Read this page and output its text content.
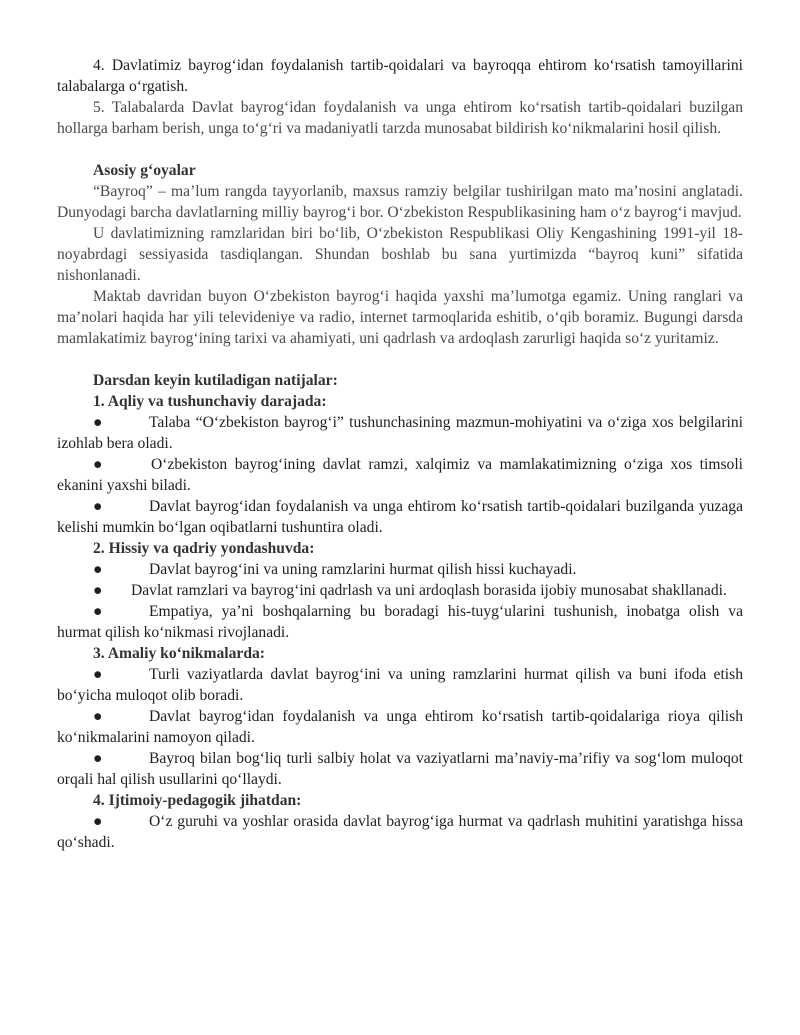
4. Davlatimiz bayrog‘idan foydalanish tartib-qoidalari va bayroqqa ehtirom ko‘rsatish tamoyillarini talabalarga o‘rgatish.

5. Talabalarda Davlat bayrog‘idan foydalanish va unga ehtirom ko‘rsatish tartib-qoidalari buzilgan hollarga barham berish, unga to‘g‘ri va madaniyatli tarzda munosabat bildirish ko‘nikmalarini hosil qilish.

Asosiy g‘oyalar

“Bayroq” – ma’lum rangda tayyorlanib, maxsus ramziy belgilar tushirilgan mato ma’nosini anglatadi. Dunyodagi barcha davlatlarning milliy bayrog‘i bor. O‘zbekiston Respublikasining ham o‘z bayrog‘i mavjud.

U davlatimizning ramzlaridan biri bo‘lib, O‘zbekiston Respublikasi Oliy Kengashining 1991-yil 18-noyabrdagi sessiyasida tasdiqlangan. Shundan boshlab bu sana yurtimizda “bayroq kuni” sifatida nishonlanadi.

Maktab davridan buyon O‘zbekiston bayrog‘i haqida yaxshi ma’lumotga egamiz. Uning ranglari va ma’nolari haqida har yili televideniye va radio, internet tarmoqlarida eshitib, o‘qib boramiz. Bugungi darsda mamlakatimiz bayrog‘ining tarixi va ahamiyati, uni qadrlash va ardoqlash zarurligi haqida so‘z yuritamiz.

Darsdan keyin kutiladigan natijalar:

1. Aqliy va tushunchaviy darajada:

●	Talaba “O‘zbekiston bayrog‘i” tushunchasining mazmun-mohiyatini va o‘ziga xos belgilarini izohlab bera oladi.

●	O‘zbekiston bayrog‘ining davlat ramzi, xalqimiz va mamlakatimizning o‘ziga xos timsoli ekanini yaxshi biladi.

●	Davlat bayrog‘idan foydalanish va unga ehtirom ko‘rsatish tartib-qoidalari buzilganda yuzaga kelishi mumkin bo‘lgan oqibatlarni tushuntira oladi.

2. Hissiy va qadriy yondashuvda:

●	Davlat bayrog‘ini va uning ramzlarini hurmat qilish hissi kuchayadi.

● Davlat ramzlari va bayrog‘ini qadrlash va uni ardoqlash borasida ijobiy munosabat shakllanadi.

●	Empatiya, ya’ni boshqalarning bu boradagi his-tuyg‘ularini tushunish, inobatga olish va hurmat qilish ko‘nikmasi rivojlanadi.

3. Amaliy ko‘nikmalarda:

●	Turli vaziyatlarda davlat bayrog‘ini va uning ramzlarini hurmat qilish va buni ifoda etish bo‘yicha muloqot olib boradi.

●	Davlat bayrog‘idan foydalanish va unga ehtirom ko‘rsatish tartib-qoidalariga rioya qilish ko‘nikmalarini namoyon qiladi.

●	Bayroq bilan bog‘liq turli salbiy holat va vaziyatlarni ma’naviy-ma’rifiy va sog‘lom muloqot orqali hal qilish usullarini qo‘llaydi.

4. Ijtimoiy-pedagogik jihatdan:

●	O‘z guruhi va yoshlar orasida davlat bayrog‘iga hurmat va qadrlash muhitini yaratishga hissa qo‘shadi.
